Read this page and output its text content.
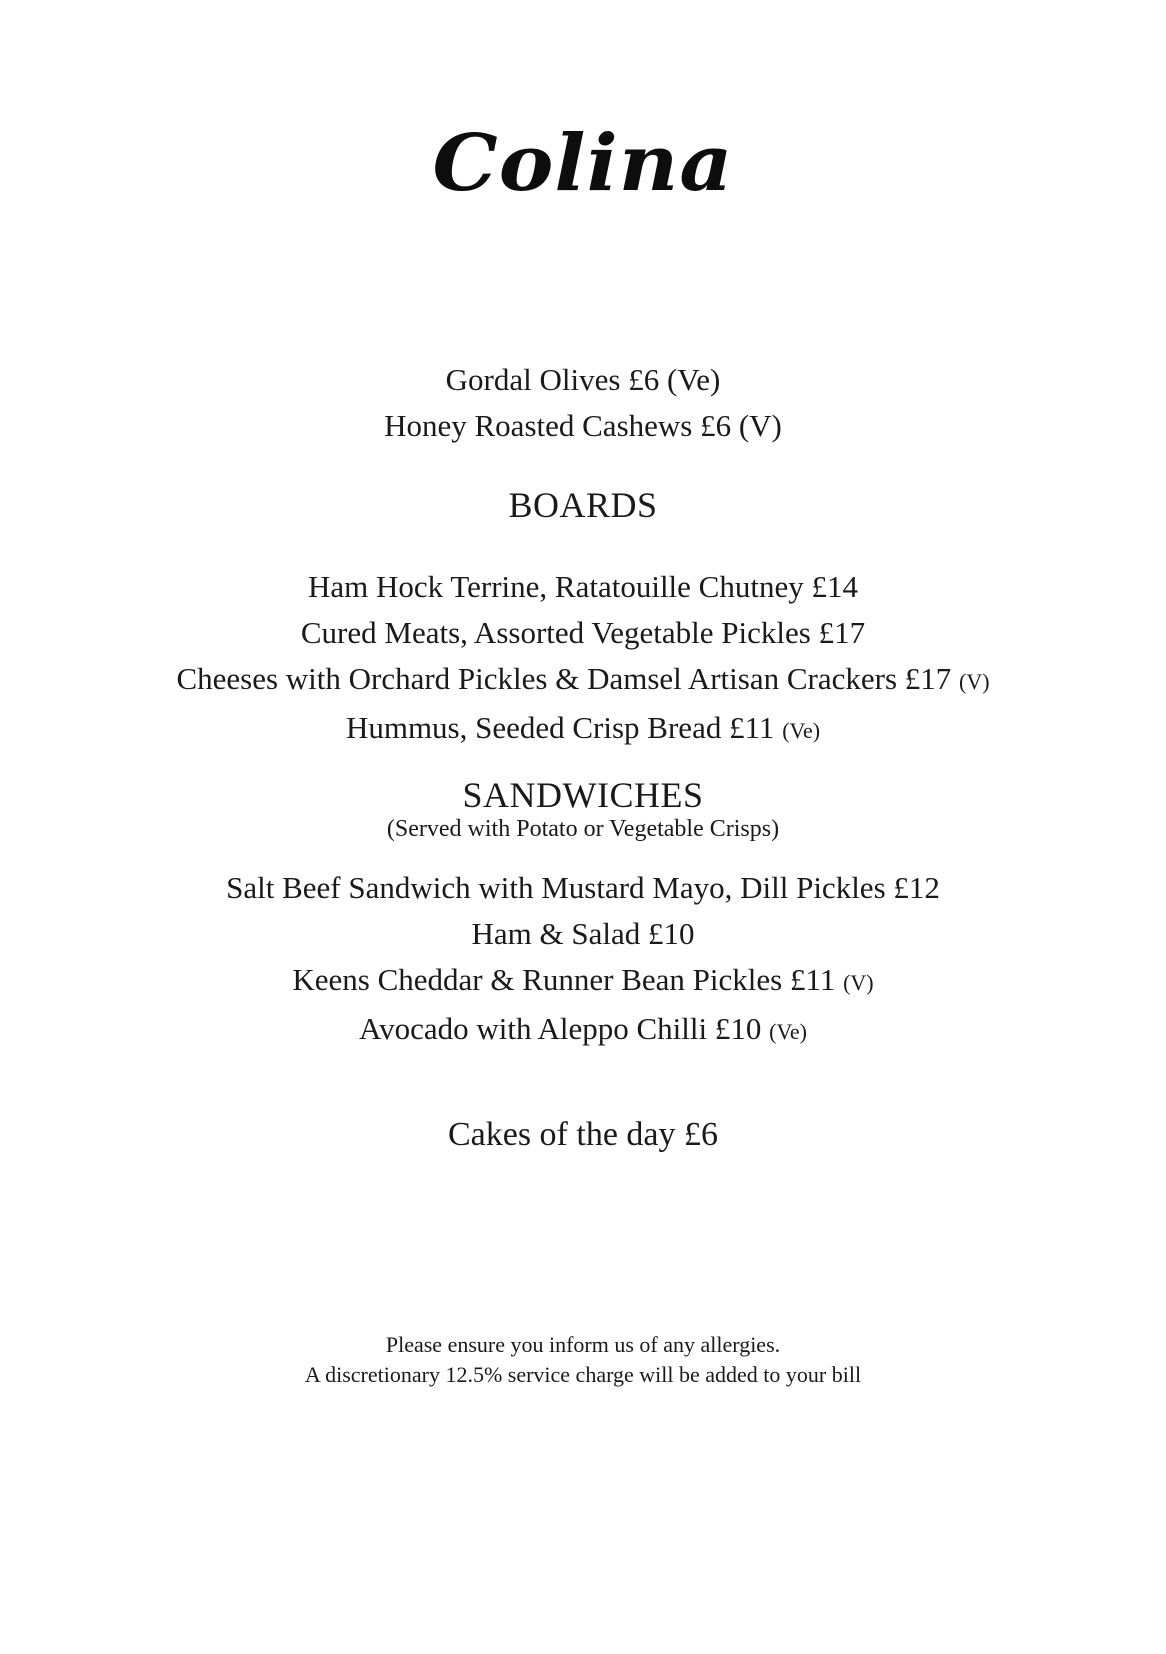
Colina
Gordal Olives £6 (Ve)
Honey Roasted Cashews £6 (V)
BOARDS
Ham Hock Terrine, Ratatouille Chutney £14
Cured Meats, Assorted Vegetable Pickles £17
Cheeses with Orchard Pickles & Damsel Artisan Crackers £17 (V)
Hummus, Seeded Crisp Bread £11 (Ve)
SANDWICHES
(Served with Potato or Vegetable Crisps)
Salt Beef Sandwich with Mustard Mayo, Dill Pickles £12
Ham & Salad £10
Keens Cheddar & Runner Bean Pickles £11 (V)
Avocado with Aleppo Chilli £10 (Ve)
Cakes of the day £6
Please ensure you inform us of any allergies.
A discretionary 12.5% service charge will be added to your bill
